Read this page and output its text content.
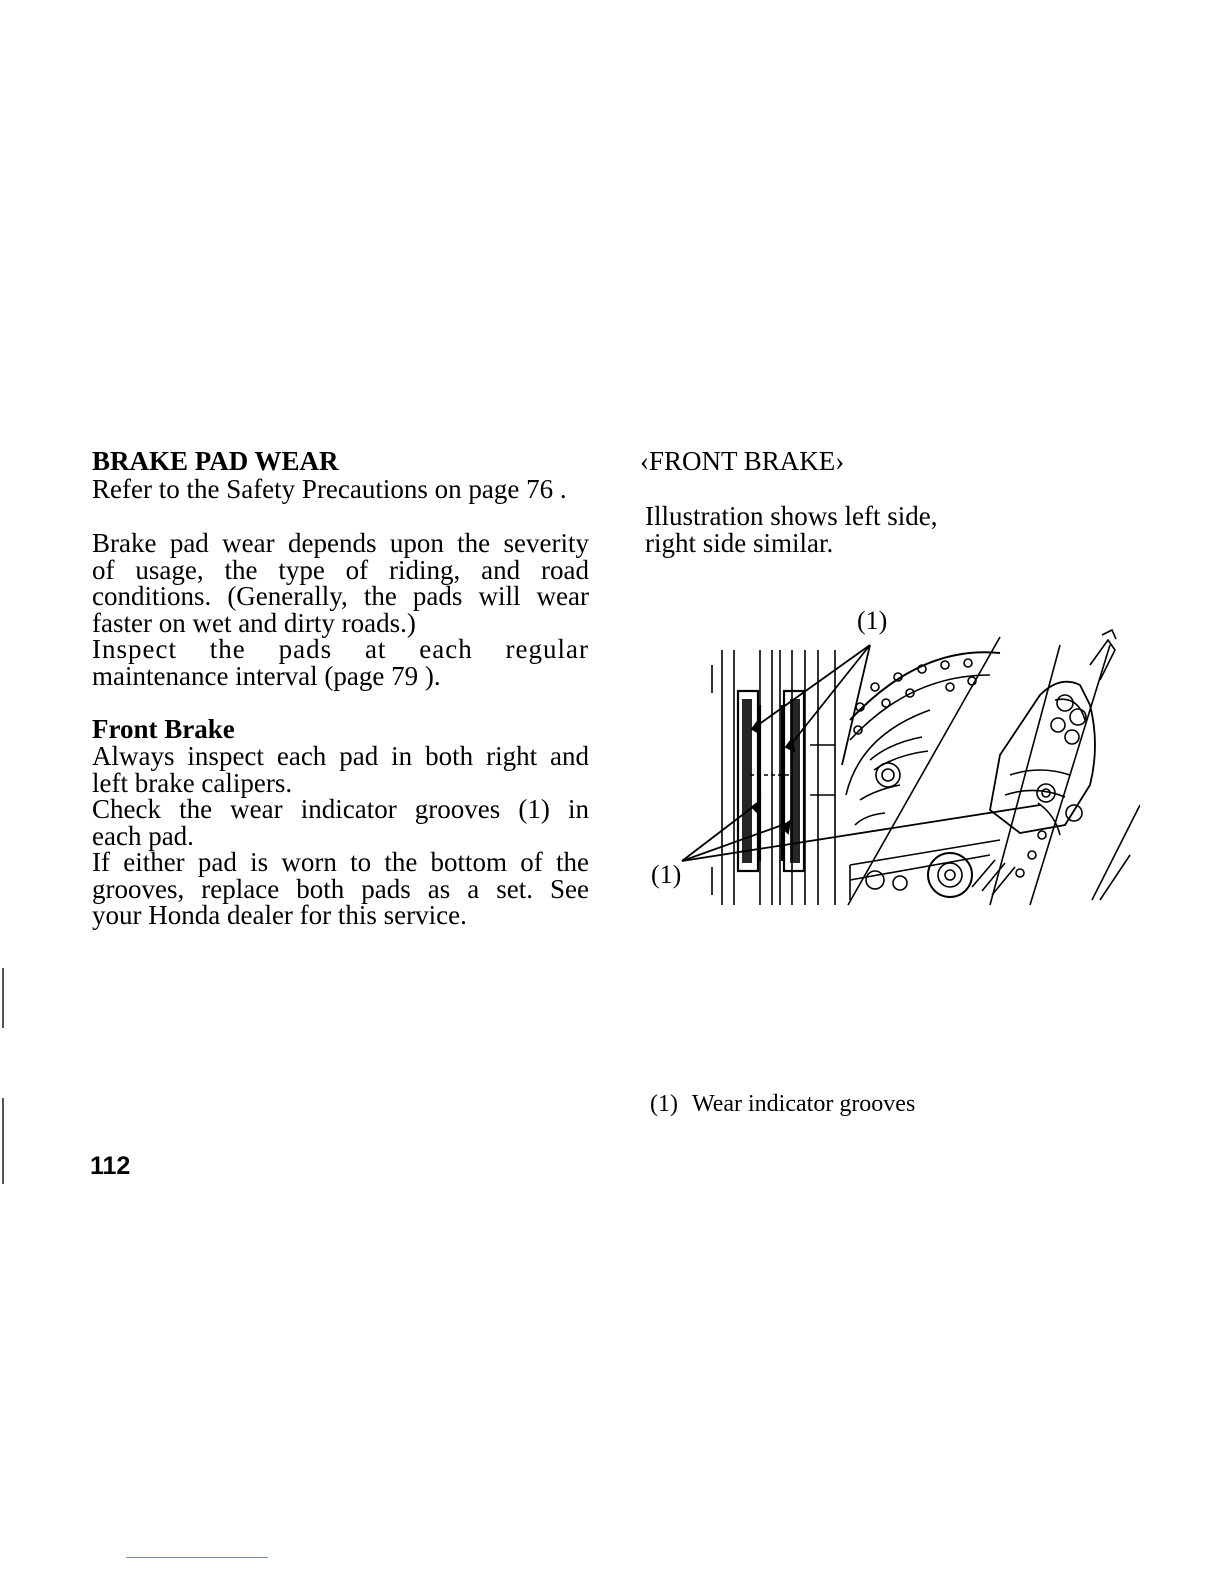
BRAKE PAD WEAR
Refer to the Safety Precautions on page 76 .
Brake pad wear depends upon the severity
of usage, the type of riding, and road
conditions. (Generally, the pads will wear
faster on wet and dirty roads.)
Inspect the pads at each regular
maintenance interval (page 79 ).
Front Brake
Always inspect each pad in both right and
left brake calipers.
Check the wear indicator grooves (1) in
each pad.
If either pad is worn to the bottom of the
grooves, replace both pads as a set. See
your Honda dealer for this service.
112
‹FRONT BRAKE›
Illustration shows left side,
right side similar.
(1)
(1)
(1) Wear indicator grooves
